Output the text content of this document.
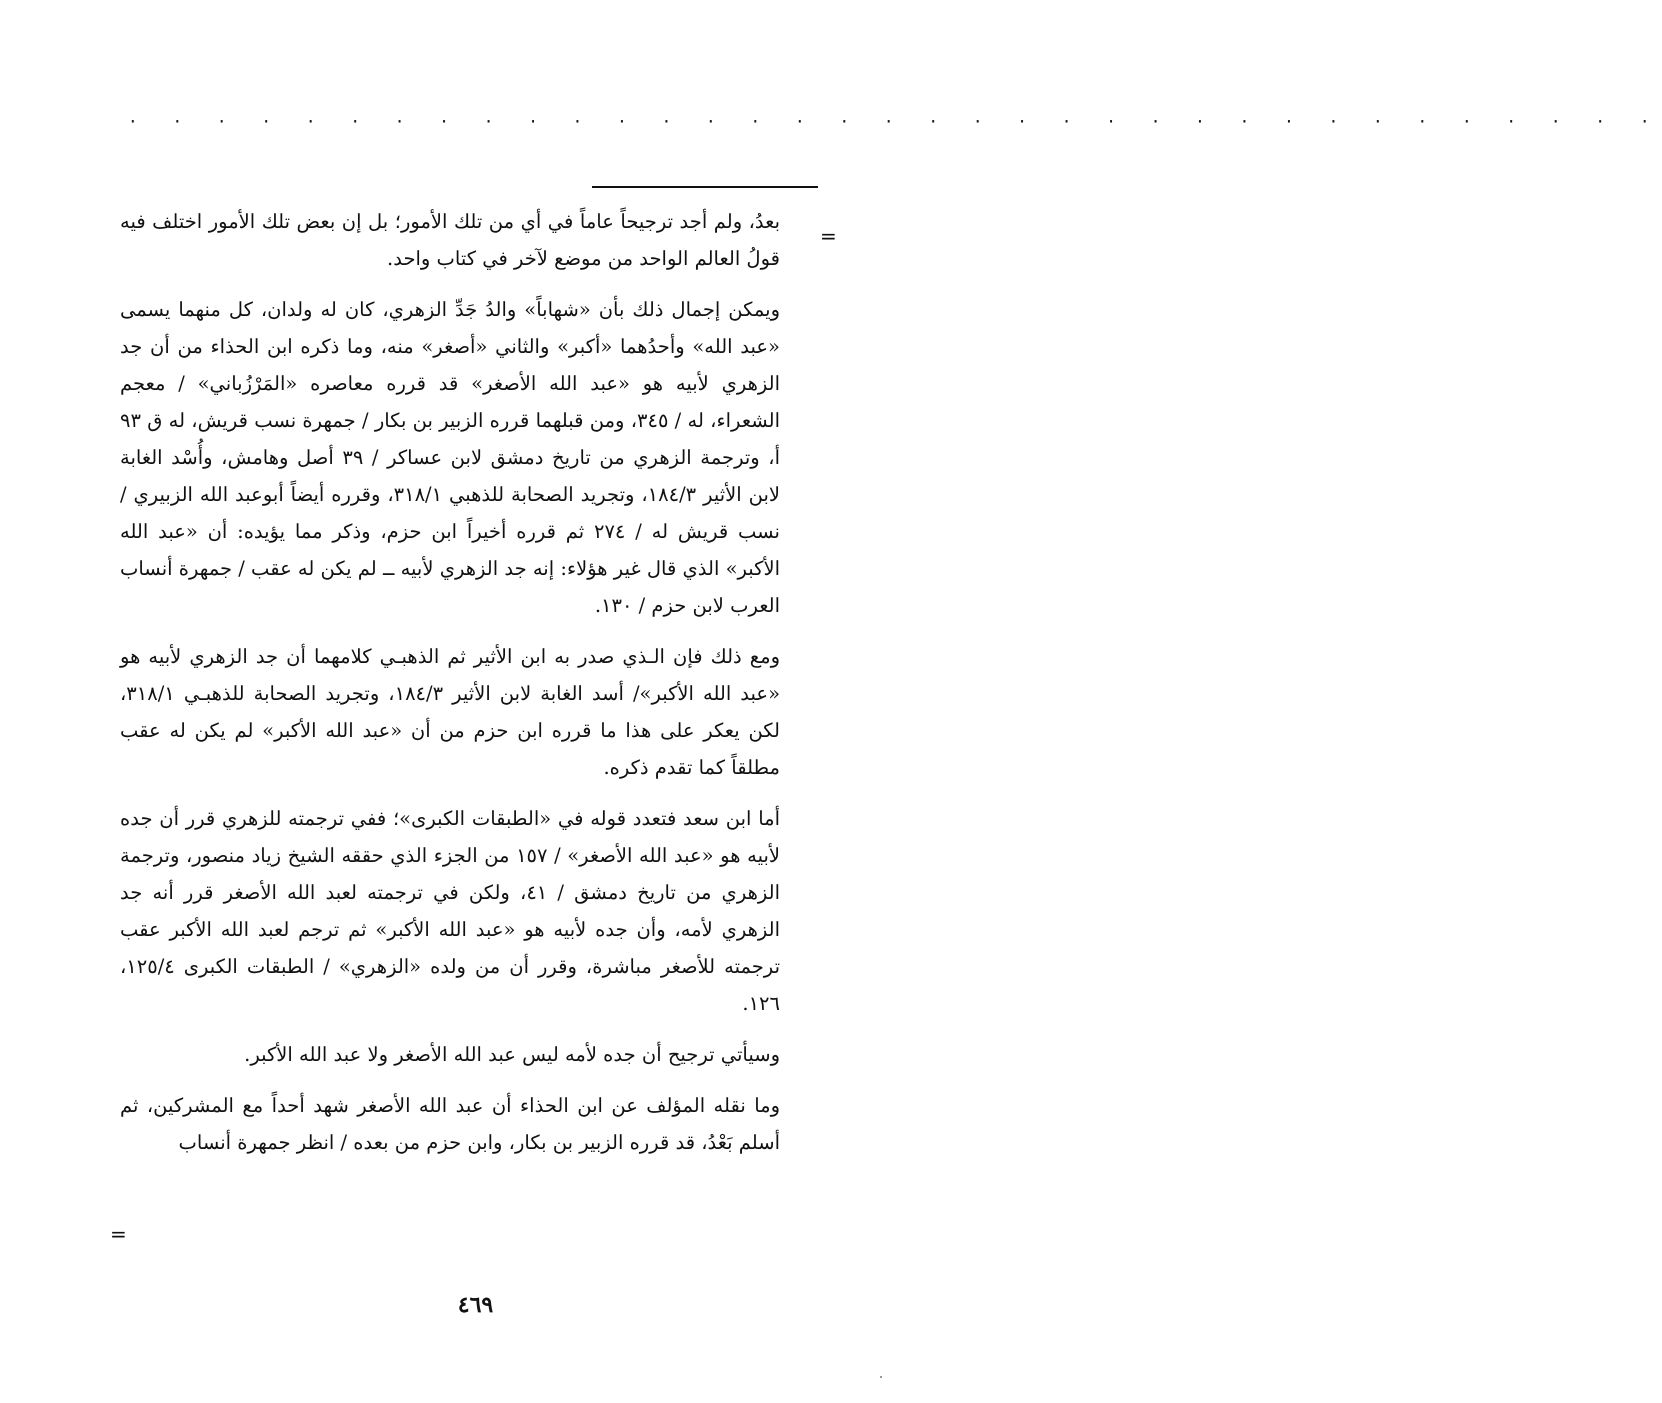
· · · · · · · · · · · · · · · · · · · · · · · · · · · · · · · · · · ·
=

بعدُ، ولم أجد ترجيحاً عاماً في أي من تلك الأمور؛ بل إن بعض تلك الأمور اختلف فيه قولُ العالم الواحد من موضع لآخر في كتاب واحد.

ويمكن إجمال ذلك بأن «شهاباً» والدُ جَدِّ الزهري، كان له ولدان، كل منهما يسمى «عبد الله» وأحدُهما «أكبر» والثاني «أصغر» منه، وما ذكره ابن الحذاء من أن جد الزهري لأبيه هو «عبد الله الأصغر» قد قرره معاصره «المَرْزُباني» / معجم الشعراء، له / ٣٤٥، ومن قبلهما قرره الزبير بن بكار / جمهرة نسب قريش، له ق ٩٣ أ، وترجمة الزهري من تاريخ دمشق لابن عساكر / ٣٩ أصل وهامش، وأُسْد الغابة لابن الأثير ١٨٤/٣، وتجريد الصحابة للذهبي ٣١٨/١، وقرره أيضاً أبوعبد الله الزبيري / نسب قريش له / ٢٧٤ ثم قرره أخيراً ابن حزم، وذكر مما يؤيده: أن «عبد الله الأكبر» الذي قال غير هؤلاء: إنه جد الزهري لأبيه ــ لم يكن له عقب / جمهرة أنساب العرب لابن حزم / ١٣٠.

ومع ذلك فإن الـذي صدر به ابن الأثير ثم الذهبـي كلامهما أن جد الزهري لأبيه هو «عبد الله الأكبر»/ أسد الغابة لابن الأثير ١٨٤/٣، وتجريد الصحابة للذهبـي ٣١٨/١، لكن يعكر على هذا ما قرره ابن حزم من أن «عبد الله الأكبر» لم يكن له عقب مطلقاً كما تقدم ذكره.

أما ابن سعد فتعدد قوله في «الطبقات الكبرى»؛ ففي ترجمته للزهري قرر أن جده لأبيه هو «عبد الله الأصغر» / ١٥٧ من الجزء الذي حققه الشيخ زياد منصور، وترجمة الزهري من تاريخ دمشق / ٤١، ولكن في ترجمته لعبد الله الأصغر قرر أنه جد الزهري لأمه، وأن جده لأبيه هو «عبد الله الأكبر» ثم ترجم لعبد الله الأكبر عقب ترجمته للأصغر مباشرة، وقرر أن من ولده «الزهري» / الطبقات الكبرى ١٢٥/٤، ١٢٦.

وسيأتي ترجيح أن جده لأمه ليس عبد الله الأصغر ولا عبد الله الأكبر.

وما نقله المؤلف عن ابن الحذاء أن عبد الله الأصغر شهد أحداً مع المشركين، ثم أسلم بَعْدُ، قد قرره الزبير بن بكار، وابن حزم من بعده / انظر جمهرة أنساب

=
٤٦٩
